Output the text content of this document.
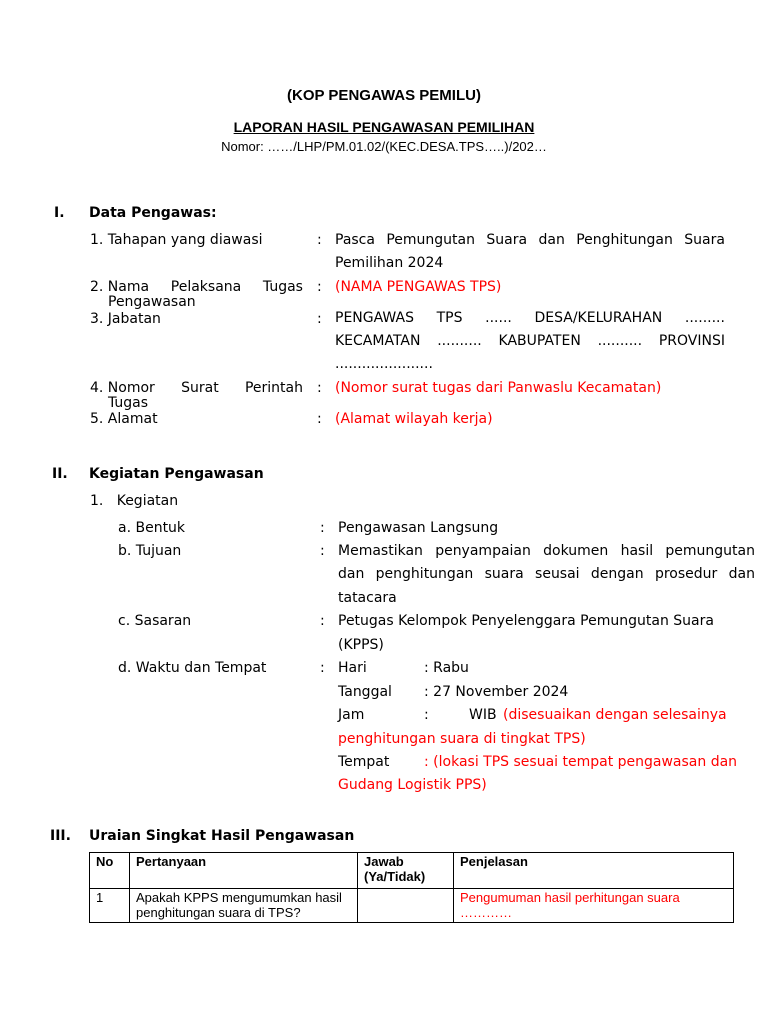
(KOP PENGAWAS PEMILU)
LAPORAN HASIL PENGAWASAN PEMILIHAN
Nomor: ……/LHP/PM.01.02/(KEC.DESA.TPS…..)/202…
I. Data Pengawas:
1. Tahapan yang diawasi	: Pasca Pemungutan Suara dan Penghitungan Suara
Pemilihan 2024
2. Nama Pelaksana Tugas
Pengawasan
: (NAMA PENGAWAS TPS)
3. Jabatan	: PENGAWAS TPS ...... DESA/KELURAHAN .........
KECAMATAN .......... KABUPATEN .......... PROVINSI
......................
4. Nomor Surat Perintah
Tugas
: (Nomor surat tugas dari Panwaslu Kecamatan)
5. Alamat	: (Alamat wilayah kerja)
II. Kegiatan Pengawasan
1.   Kegiatan
a. Bentuk	: Pengawasan Langsung
b. Tujuan	: Memastikan penyampaian dokumen hasil pemungutan
dan penghitungan suara seusai dengan prosedur dan
tatacara
c. Sasaran	: Petugas Kelompok Penyelenggara Pemungutan Suara
(KPPS)
d. Waktu dan Tempat	: Hari	: Rabu
Tanggal : 27 November 2024
Jam	:	WIB (disesuaikan dengan selesainya
penghitungan suara di tingkat TPS)
Tempat : (lokasi TPS sesuai tempat pengawasan dan
Gudang Logistik PPS)
III. Uraian Singkat Hasil Pengawasan
No	Pertanyaan	Jawab (Ya/Tidak)	Penjelasan
1	Apakah KPPS mengumumkan hasil penghitungan suara di TPS?		Pengumuman hasil perhitungan suara …………
